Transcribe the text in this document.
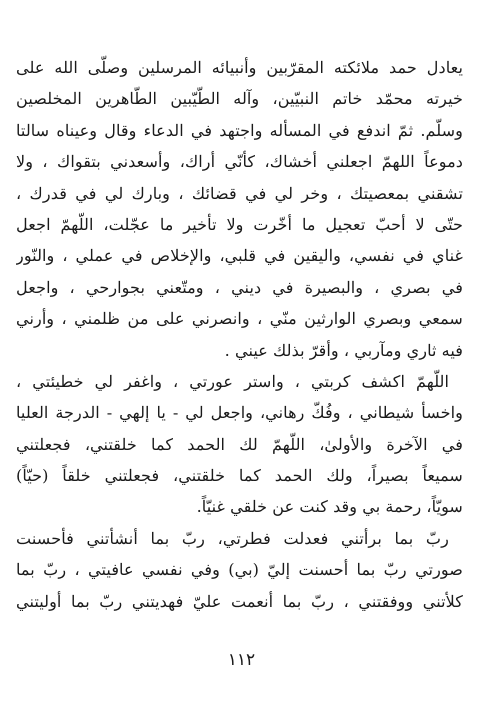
يعادل حمد ملائكته المقرّبين وأنبيائه المرسلين وصلّى الله على
خيرته محمّد خاتم النبيّين، وآله الطّيّبين الطّاهرين المخلصين
وسلّم. ثمّ اندفع في المسأله واجتهد في الدعاء وقال وعيناه سالتا
دموعاً اللهمّ اجعلني أخشاك، كأنّي أراك، وأسعدني بتقواك ، ولا
تشقني بمعصيتك ، وخر لي في قضائك ، وبارك لي في قدرك ،
حتّى لا أحبّ تعجيل ما أخّرت ولا تأخير ما عجّلت، اللّهمّ اجعل
غناي في نفسي، واليقين في قلبي، والإخلاص في عملي ، والنّور
في بصري ، والبصيرة في ديني ، ومتّعني بجوارحي ، واجعل
سمعي وبصري الوارثين منّي ، وانصرني على من ظلمني ، وأرني
فيه ثاري ومآربي ، وأقرّ بذلك عيني .
اللّهمّ اكشف كربتي ، واستر عورتي ، واغفر لي خطيئتي ،
واخسأ شيطاني ، وفُكّ رهاني، واجعل لي - يا إلهي - الدرجة العليا
في الآخرة والأولىٰ، اللّهمّ لك الحمد كما خلقتني، فجعلتني
سميعاً بصيراً، ولك الحمد كما خلقتني، فجعلتني خلقاً (حيّاً)
سويّاً، رحمة بي وقد كنت عن خلقي غنيّاً.
ربّ بما برأتني فعدلت فطرتي، ربّ بما أنشأتني فأحسنت
صورتي ربّ بما أحسنت إليّ (بي) وفي نفسي عافيتي ، ربّ بما
كلأتني ووفقتني ، ربّ بما أنعمت عليّ فهديتني ربّ بما أوليتني
١١٢
